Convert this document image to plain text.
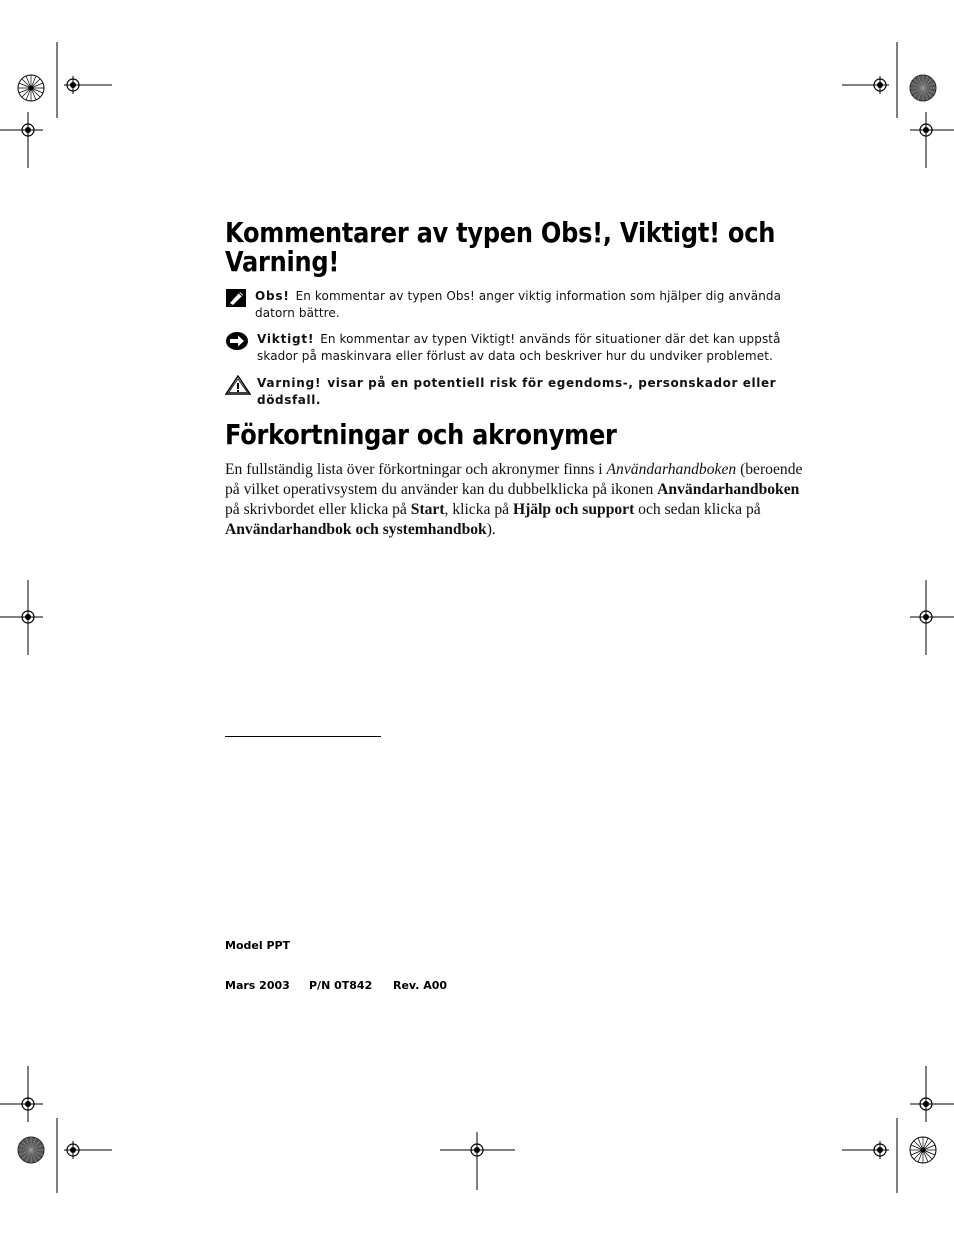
Kommentarer av typen Obs!, Viktigt! och Varning!
Obs! En kommentar av typen Obs! anger viktig information som hjälper dig använda datorn bättre.
Viktigt! En kommentar av typen Viktigt! används för situationer där det kan uppstå skador på maskinvara eller förlust av data och beskriver hur du undviker problemet.
Varning! visar på en potentiell risk för egendoms-, personskador eller dödsfall.
Förkortningar och akronymer

En fullständig lista över förkortningar och akronymer finns i Användarhandboken (beroende på vilket operativsystem du använder kan du dubbelklicka på ikonen Användarhandboken på skrivbordet eller klicka på Start, klicka på Hjälp och support och sedan klicka på Användarhandbok och systemhandbok).

Model PPT
Mars 2003 P/N 0T842 Rev. A00
